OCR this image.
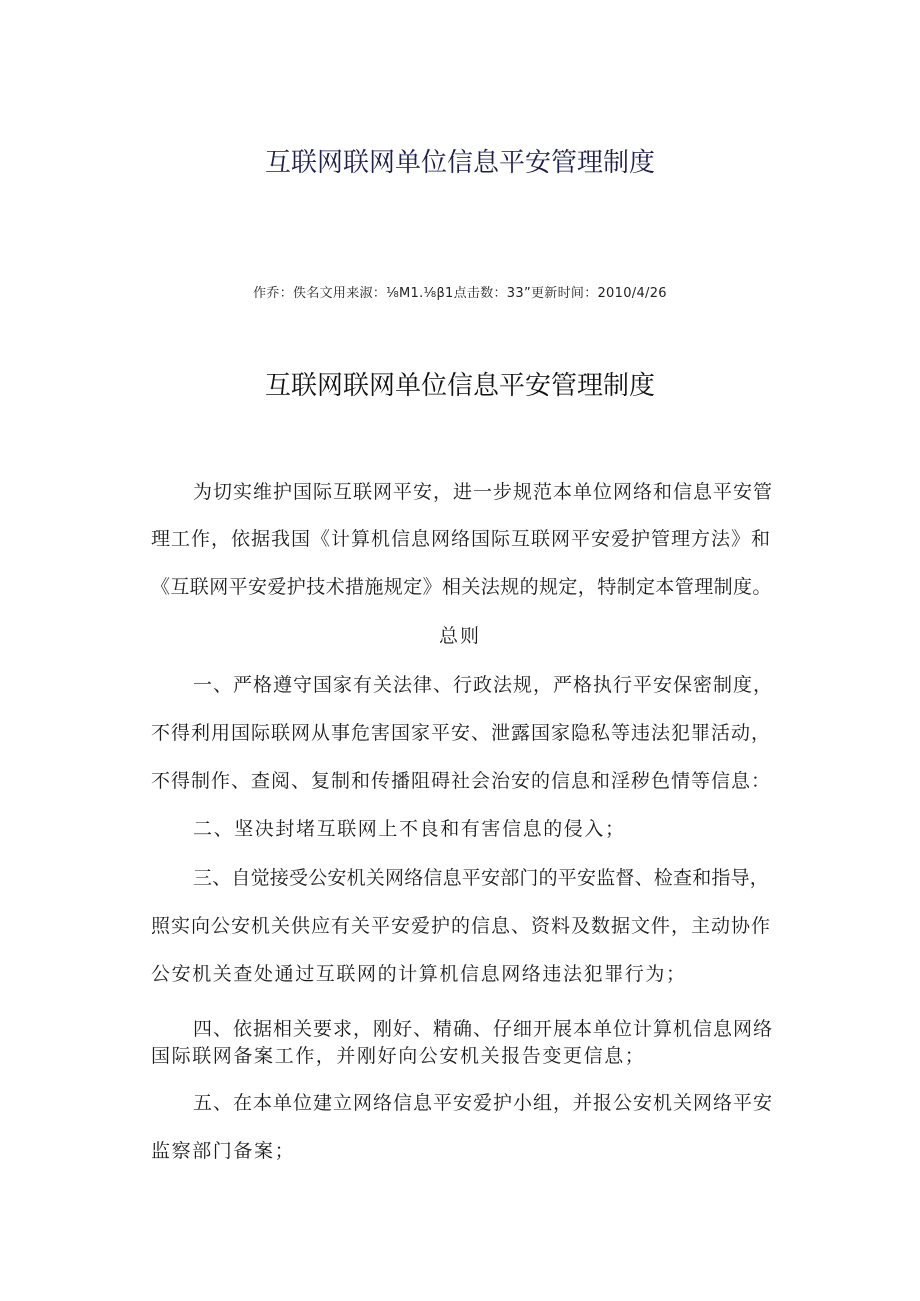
互联网联网单位信息平安管理制度
作乔：佚名文用来淑：⅛M1.⅛β1点击数：33”更新时间：2010/4/26
互联网联网单位信息平安管理制度

为切实维护国际互联网平安，进一步规范本单位网络和信息平安管

理工作，依据我国《计算机信息网络国际互联网平安爱护管理方法》和

《互联网平安爱护技术措施规定》相关法规的规定，特制定本管理制度。

总则

一、严格遵守国家有关法律、行政法规，严格执行平安保密制度，

不得利用国际联网从事危害国家平安、泄露国家隐私等违法犯罪活动，

不得制作、查阅、复制和传播阻碍社会治安的信息和淫秽色情等信息：

二、坚决封堵互联网上不良和有害信息的侵入；

三、自觉接受公安机关网络信息平安部门的平安监督、检查和指导，

照实向公安机关供应有关平安爱护的信息、资料及数据文件，主动协作

公安机关查处通过互联网的计算机信息网络违法犯罪行为；

四、依据相关要求，刚好、精确、仔细开展本单位计算机信息网络

国际联网备案工作，并刚好向公安机关报告变更信息；

五、在本单位建立网络信息平安爱护小组，并报公安机关网络平安

监察部门备案；
